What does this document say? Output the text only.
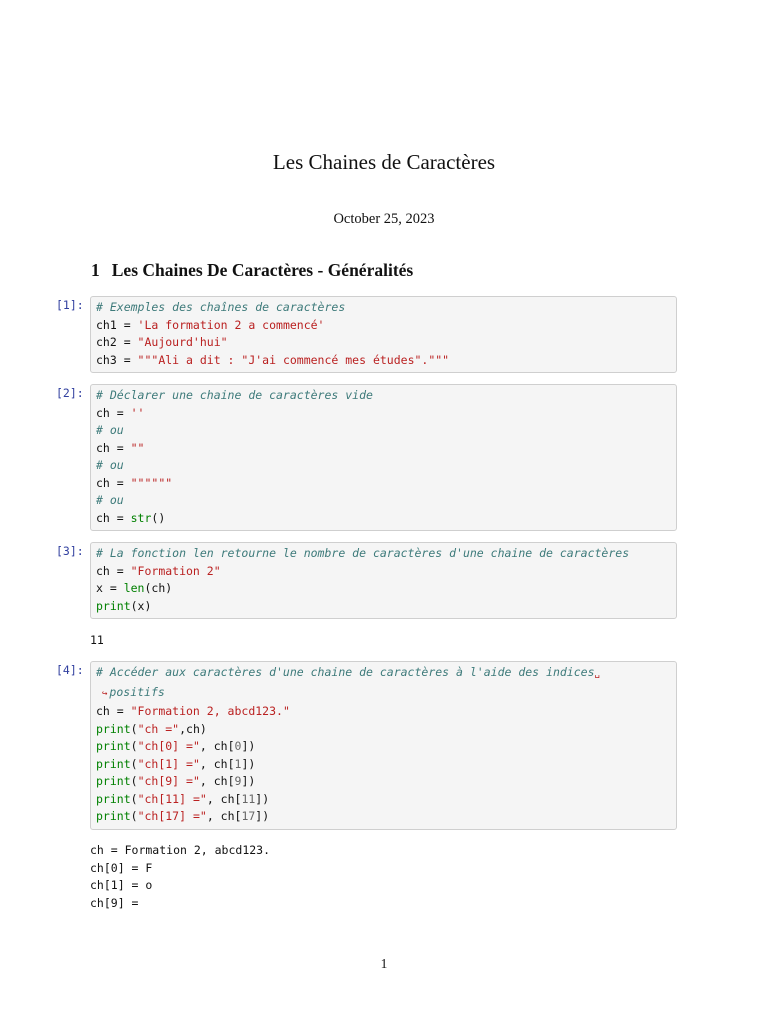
Les Chaines de Caractères
October 25, 2023
1 Les Chaines De Caractères - Généralités
[1]: # Exemples des chaînes de caractères
ch1 = 'La formation 2 a commencé'
ch2 = "Aujourd'hui"
ch3 = """Ali a dit : "J'ai commencé mes études"."""
[2]: # Déclarer une chaine de caractères vide
ch = ''
# ou
ch = ""
# ou
ch = """"""
# ou
ch = str()
[3]: # La fonction len retourne le nombre de caractères d'une chaine de caractères
ch = "Formation 2"
x = len(ch)
print(x)
11
[4]: # Accéder aux caractères d'une chaine de caractères à l'aide des indices␣
↪ positifs
ch = "Formation 2, abcd123."
print("ch =",ch)
print("ch[0] =", ch[0])
print("ch[1] =", ch[1])
print("ch[9] =", ch[9])
print("ch[11] =", ch[11])
print("ch[17] =", ch[17])
ch = Formation 2, abcd123.
ch[0] = F
ch[1] = o
ch[9] =
1
